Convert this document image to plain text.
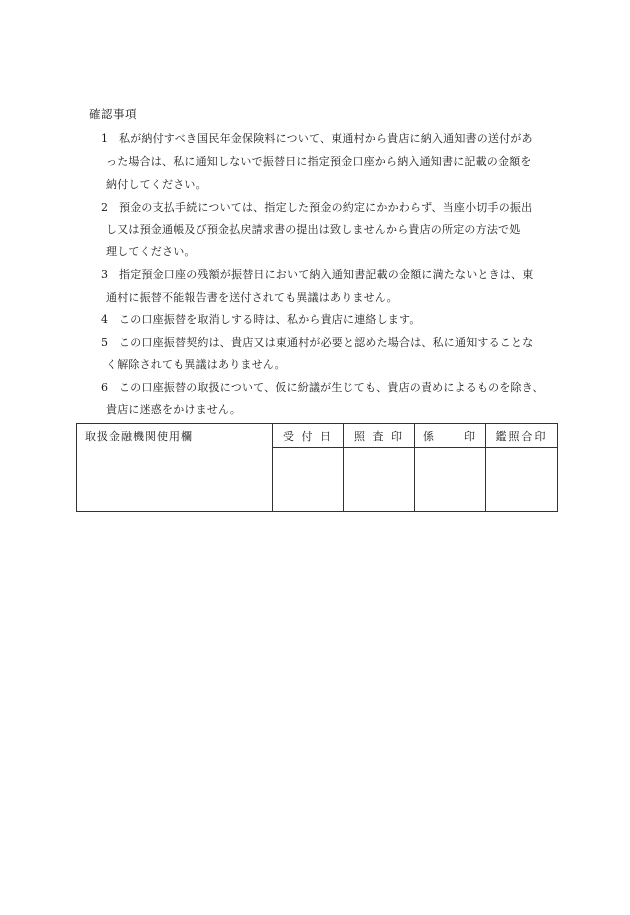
確認事項
1 私が納付すべき国民年金保険料について、東通村から貴店に納入通知書の送付があ
った場合は、私に通知しないで振替日に指定預金口座から納入通知書に記載の金額を
納付してください。
2 預金の支払手続については、指定した預金の約定にかかわらず、当座小切手の振出
し又は預金通帳及び預金払戻請求書の提出は致しませんから貴店の所定の方法で処
理してください。
3 指定預金口座の残額が振替日において納入通知書記載の金額に満たないときは、東
通村に振替不能報告書を送付されても異議はありません。
4 この口座振替を取消しする時は、私から貴店に連絡します。
5 この口座振替契約は、貴店又は東通村が必要と認めた場合は、私に通知することな
く解除されても異議はありません。
6 この口座振替の取扱について、仮に紛議が生じても、貴店の責めによるものを除き、
貴店に迷惑をかけません。
取扱金融機関使用欄	受 付 日	照 査 印	係 印	鑑照合印
